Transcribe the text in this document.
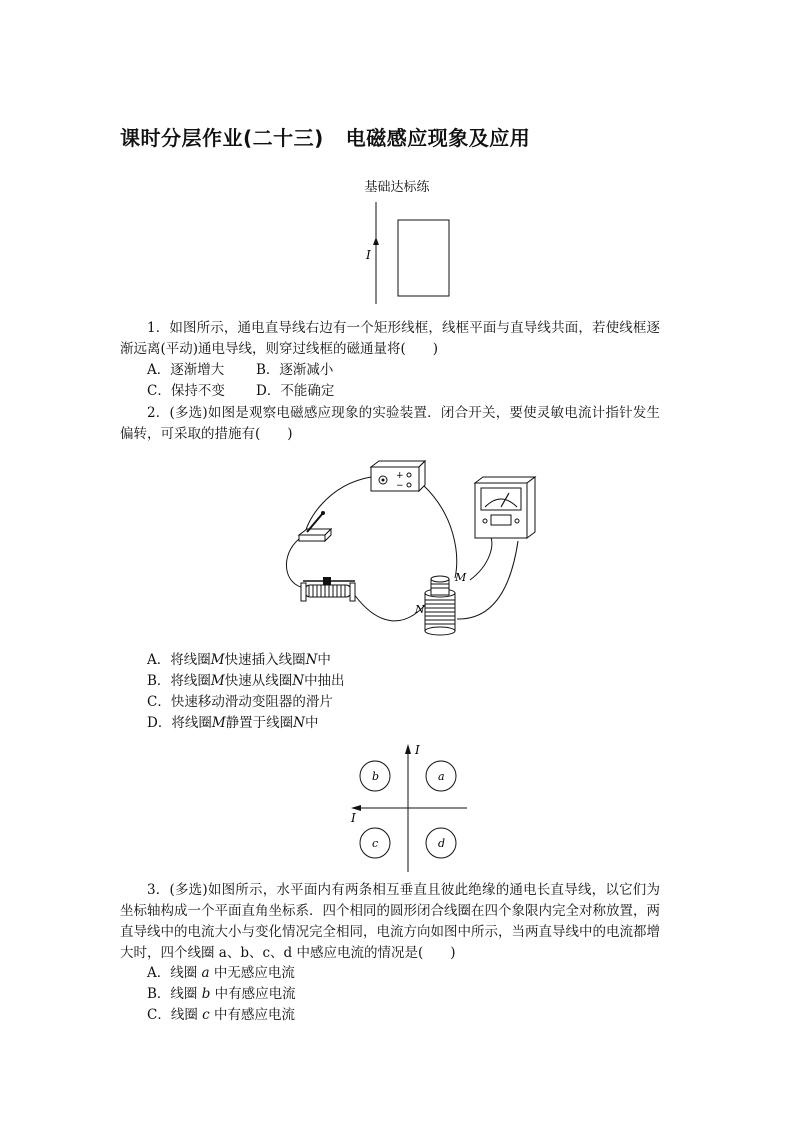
课时分层作业(二十三) 电磁感应现象及应用
基础达标练
I
1．如图所示，通电直导线右边有一个矩形线框，线框平面与直导线共面，若使线框逐渐远离(平动)通电导线，则穿过线框的磁通量将(　　)
A．逐渐增大 B．逐渐减小
C．保持不变 D．不能确定
2．(多选)如图是观察电磁感应现象的实验装置．闭合开关，要使灵敏电流计指针发生偏转，可采取的措施有(　　)
+
−
M
N
A．将线圈M快速插入线圈N中
B．将线圈M快速从线圈N中抽出
C．快速移动滑动变阻器的滑片
D．将线圈M静置于线圈N中
I
I
a
b
c	d
3．(多选)如图所示，水平面内有两条相互垂直且彼此绝缘的通电长直导线，以它们为坐标轴构成一个平面直角坐标系．四个相同的圆形闭合线圈在四个象限内完全对称放置，两直导线中的电流大小与变化情况完全相同，电流方向如图中所示，当两直导线中的电流都增大时，四个线圈 a、b、c、d 中感应电流的情况是(　　)
A．线圈 a 中无感应电流
B．线圈 b 中有感应电流
C．线圈 c 中有感应电流
